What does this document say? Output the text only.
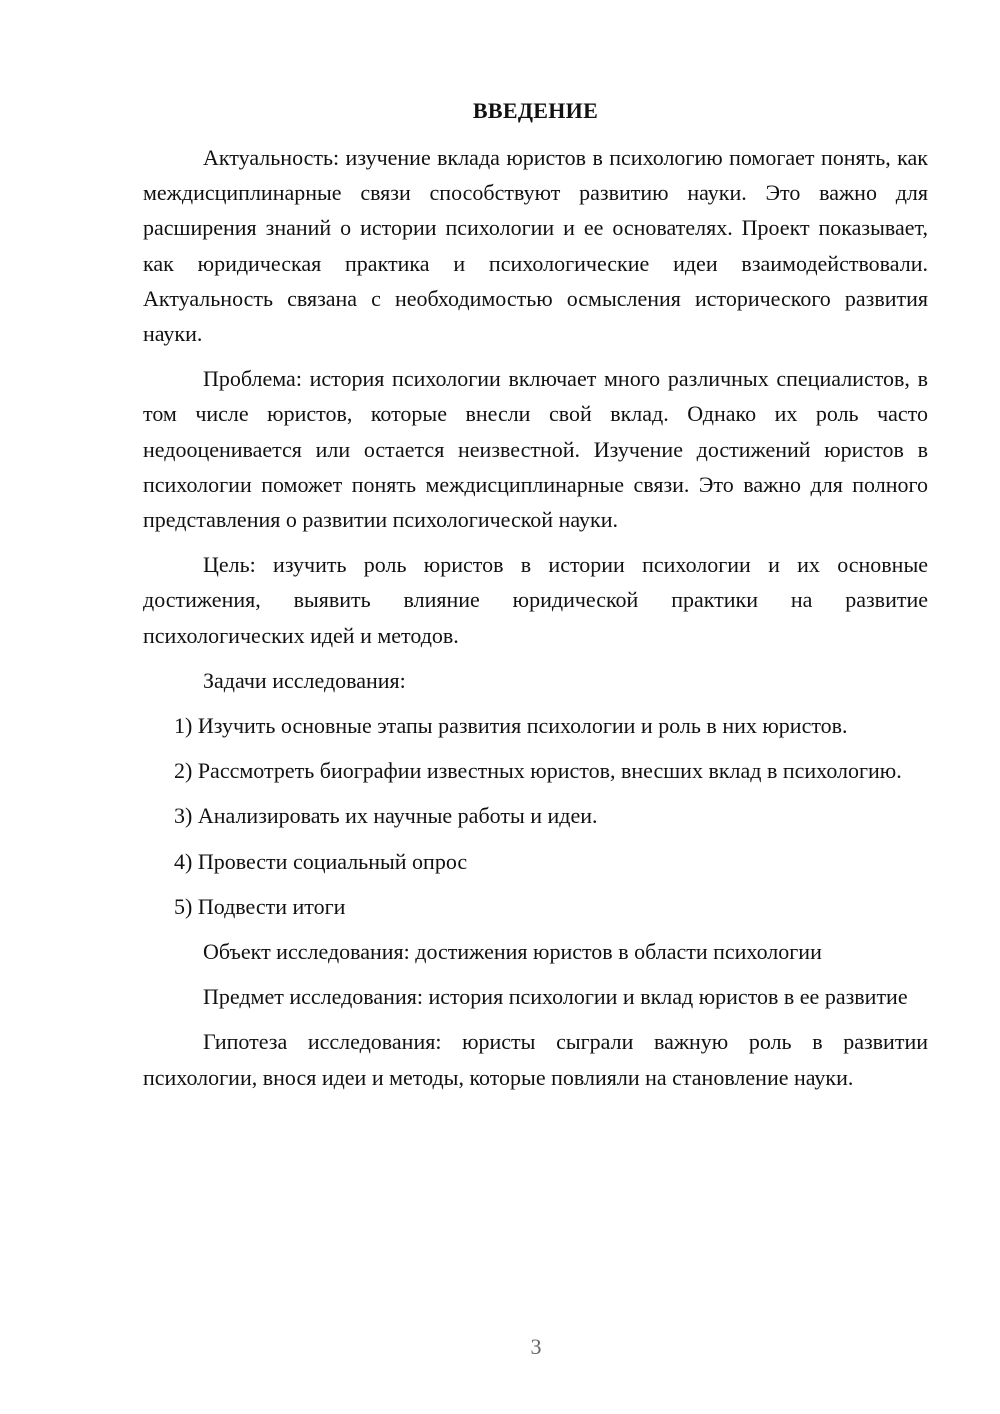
ВВЕДЕНИЕ

Актуальность: изучение вклада юристов в психологию помогает понять, как междисциплинарные связи способствуют развитию науки. Это важно для расширения знаний о истории психологии и ее основателях. Проект показывает, как юридическая практика и психологические идеи взаимодействовали. Актуальность связана с необходимостью осмысления исторического развития науки.

Проблема: история психологии включает много различных специалистов, в том числе юристов, которые внесли свой вклад. Однако их роль часто недооценивается или остается неизвестной. Изучение достижений юристов в психологии поможет понять междисциплинарные связи. Это важно для полного представления о развитии психологической науки.

Цель: изучить роль юристов в истории психологии и их основные достижения, выявить влияние юридической практики на развитие психологических идей и методов.

Задачи исследования:

1) Изучить основные этапы развития психологии и роль в них юристов.

2) Рассмотреть биографии известных юристов, внесших вклад в психологию.

3) Анализировать их научные работы и идеи.

4) Провести социальный опрос

5) Подвести итоги

Объект исследования: достижения юристов в области психологии

Предмет исследования: история психологии и вклад юристов в ее развитие

Гипотеза исследования: юристы сыграли важную роль в развитии психологии, внося идеи и методы, которые повлияли на становление науки.

3
